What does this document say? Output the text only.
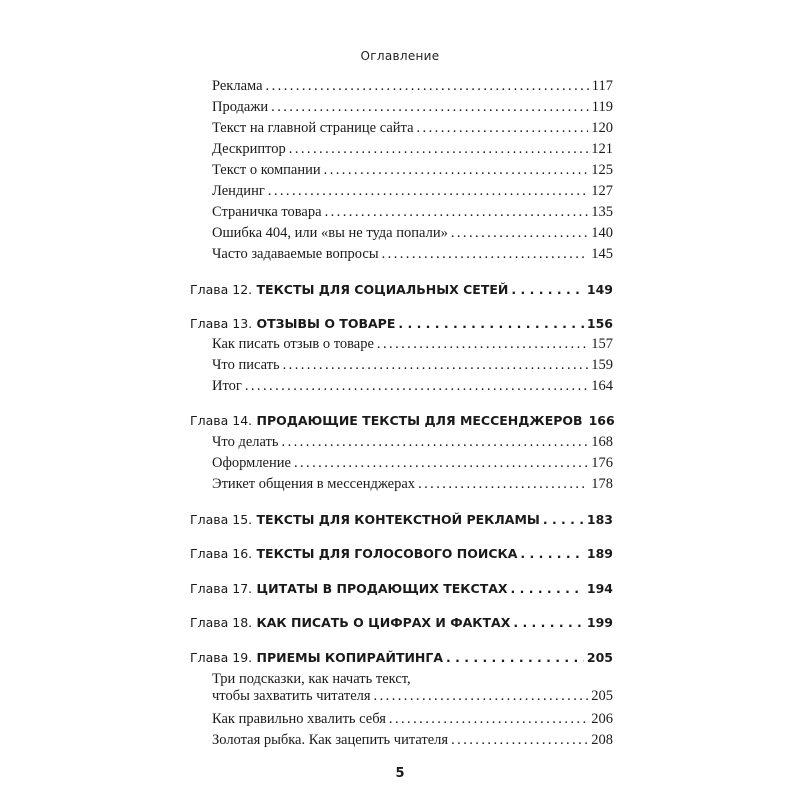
Оглавление
Реклама . . .	117
Продажи . . .	119
Текст на главной странице сайта . . .	120
Дескриптор . . .	121
Текст о компании . . .	125
Лендинг . . .	127
Страничка товара . . .	135
Ошибка 404, или «вы не туда попали» . . .	140
Часто задаваемые вопросы . . .	145
Глава 12. ТЕКСТЫ ДЛЯ СОЦИАЛЬНЫХ СЕТЕЙ . . .	149
Глава 13. ОТЗЫВЫ О ТОВАРЕ . . .	156
Как писать отзыв о товаре . . .	157
Что писать . . .	159
Итог . . .	164
Глава 14. ПРОДАЮЩИЕ ТЕКСТЫ ДЛЯ МЕССЕНДЖЕРОВ 166
Что делать . . .	168
Оформление . . .	176
Этикет общения в мессенджерах . . .	178
Глава 15. ТЕКСТЫ ДЛЯ КОНТЕКСТНОЙ РЕКЛАМЫ . . .	183
Глава 16. ТЕКСТЫ ДЛЯ ГОЛОСОВОГО ПОИСКА . . .	189
Глава 17. ЦИТАТЫ В ПРОДАЮЩИХ ТЕКСТАХ . . .	194
Глава 18. КАК ПИСАТЬ О ЦИФРАХ И ФАКТАХ . . .	199
Глава 19. ПРИЕМЫ КОПИРАЙТИНГА . . .	205
Три подсказки, как начать текст,
чтобы захватить читателя . . .	205
Как правильно хвалить себя . . .	206
Золотая рыбка. Как зацепить читателя . . .	208
5
